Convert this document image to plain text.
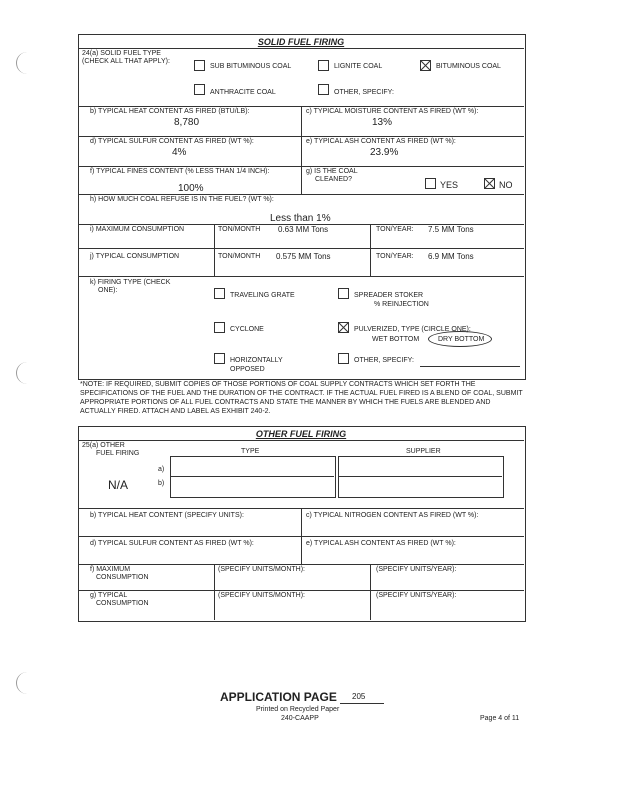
SOLID FUEL FIRING
24(a) SOLID FUEL TYPE
(CHECK ALL THAT APPLY):
SUB BITUMINOUS COAL	LIGNITE COAL	BITUMINOUS COAL
ANTHRACITE COAL	OTHER, SPECIFY:
b) TYPICAL HEAT CONTENT AS FIRED (BTU/LB):
8,780
c) TYPICAL MOISTURE CONTENT AS FIRED (WT %):
13%
d) TYPICAL SULFUR CONTENT AS FIRED (WT %):
4%
e) TYPICAL ASH CONTENT AS FIRED (WT %):
23.9%
f) TYPICAL FINES CONTENT (% LESS THAN 1/4 INCH):
100%
g) IS THE COAL
CLEANED?
YES	NO
h) HOW MUCH COAL REFUSE IS IN THE FUEL? (WT %):
Less than 1%
i) MAXIMUM CONSUMPTION	TON/MONTH 0.63 MM Tons	TON/YEAR: 7.5 MM Tons
j) TYPICAL CONSUMPTION	TON/MONTH 0.575 MM Tons	TON/YEAR: 6.9 MM Tons
k) FIRING TYPE (CHECK
ONE):
TRAVELING GRATE	SPREADER STOKER
% REINJECTION
CYCLONE	PULVERIZED, TYPE (CIRCLE ONE):
WET BOTTOM	DRY BOTTOM
HORIZONTALLY
OPPOSED
OTHER, SPECIFY:
*NOTE: IF REQUIRED, SUBMIT COPIES OF THOSE PORTIONS OF COAL SUPPLY CONTRACTS WHICH SET FORTH THE SPECIFICATIONS OF THE FUEL AND THE DURATION OF THE CONTRACT. IF THE ACTUAL FUEL FIRED IS A BLEND OF COAL, SUBMIT APPROPRIATE PORTIONS OF ALL FUEL CONTRACTS AND STATE THE MANNER BY WHICH THE FUELS ARE BLENDED AND ACTUALLY FIRED. ATTACH AND LABEL AS EXHIBIT 240-2.
OTHER FUEL FIRING
25(a) OTHER
FUEL FIRING	TYPE	SUPPLIER
a)
b)
N/A
b) TYPICAL HEAT CONTENT (SPECIFY UNITS):	c) TYPICAL NITROGEN CONTENT AS FIRED (WT %):
d) TYPICAL SULFUR CONTENT AS FIRED (WT %):	e) TYPICAL ASH CONTENT AS FIRED (WT %):
f) MAXIMUM
CONSUMPTION
(SPECIFY UNITS/MONTH):	(SPECIFY UNITS/YEAR):
g) TYPICAL
CONSUMPTION
(SPECIFY UNITS/MONTH):	(SPECIFY UNITS/YEAR):
APPLICATION PAGE 205
Printed on Recycled Paper
240-CAAPP	Page 4 of 11
